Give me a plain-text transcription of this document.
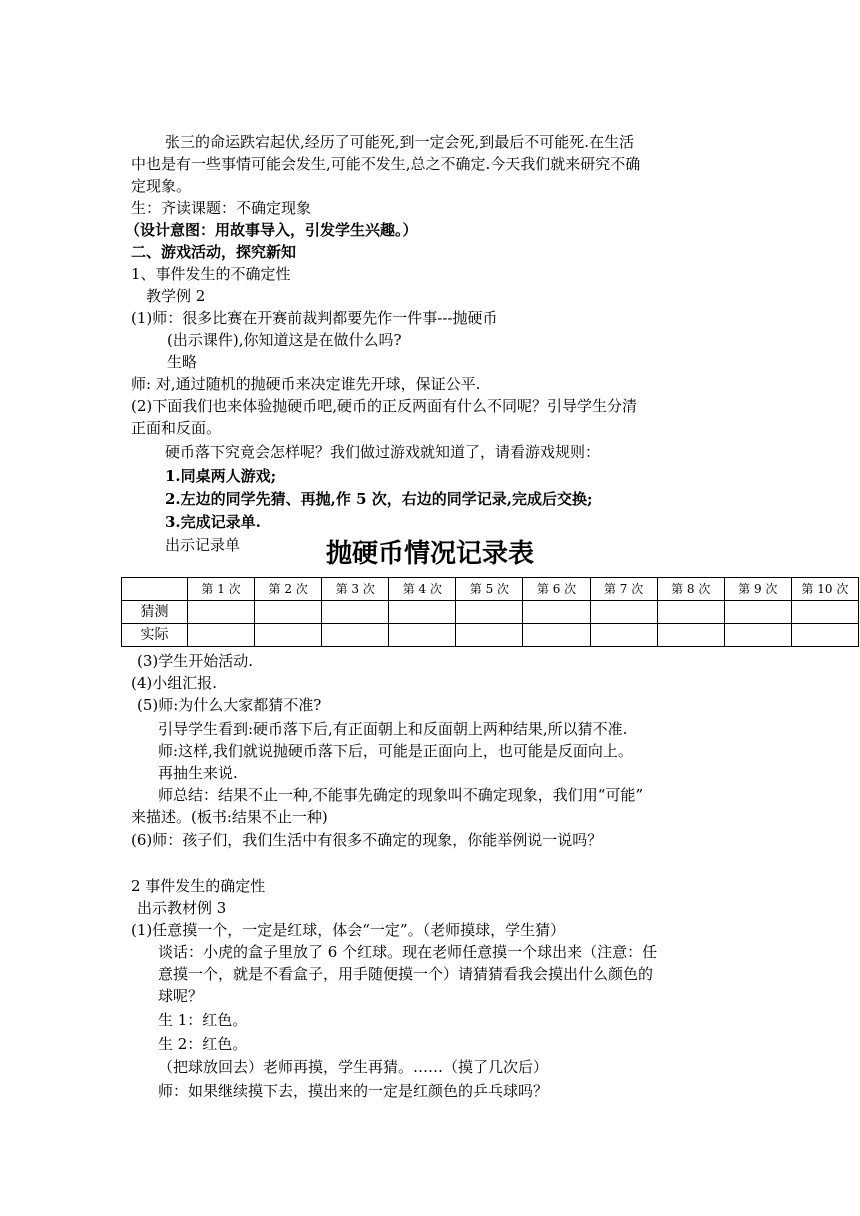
张三的命运跌宕起伏,经历了可能死,到一定会死,到最后不可能死.在生活
中也是有一些事情可能会发生,可能不发生,总之不确定.今天我们就来研究不确
定现象。
生：齐读课题：不确定现象
（设计意图：用故事导入，引发学生兴趣。）
二、游戏活动，探究新知
1、事件发生的不确定性
教学例 2
(1)师：很多比赛在开赛前裁判都要先作一件事---抛硬币
(出示课件),你知道这是在做什么吗?
生略
师: 对,通过随机的抛硬币来决定谁先开球，保证公平.
(2)下面我们也来体验抛硬币吧,硬币的正反两面有什么不同呢？引导学生分清
正面和反面。
硬币落下究竟会怎样呢？我们做过游戏就知道了，请看游戏规则：
1.同桌两人游戏;
2.左边的同学先猜、再抛,作 5 次，右边的同学记录,完成后交换;
3.完成记录单.
出示记录单	抛硬币情况记录表
	第 1 次	第 2 次	第 3 次	第 4 次	第 5 次	第 6 次	第 7 次	第 8 次	第 9 次	第 10 次
猜测										
实际										
(3)学生开始活动.
(4)小组汇报.
(5)师:为什么大家都猜不准?
引导学生看到:硬币落下后,有正面朝上和反面朝上两种结果,所以猜不准.
师:这样,我们就说抛硬币落下后，可能是正面向上，也可能是反面向上。
再抽生来说.
师总结：结果不止一种,不能事先确定的现象叫不确定现象，我们用“可能”
来描述。(板书:结果不止一种)
(6)师：孩子们，我们生活中有很多不确定的现象，你能举例说一说吗？
2 事件发生的确定性
出示教材例 3
(1)任意摸一个，一定是红球，体会“一定”。（老师摸球，学生猜）
谈话：小虎的盒子里放了 6 个红球。现在老师任意摸一个球出来（注意：任
意摸一个，就是不看盒子，用手随便摸一个）请猜猜看我会摸出什么颜色的
球呢？
生 1：红色。
生 2：红色。
（把球放回去）老师再摸，学生再猜。……（摸了几次后）
师：如果继续摸下去，摸出来的一定是红颜色的乒乓球吗？
